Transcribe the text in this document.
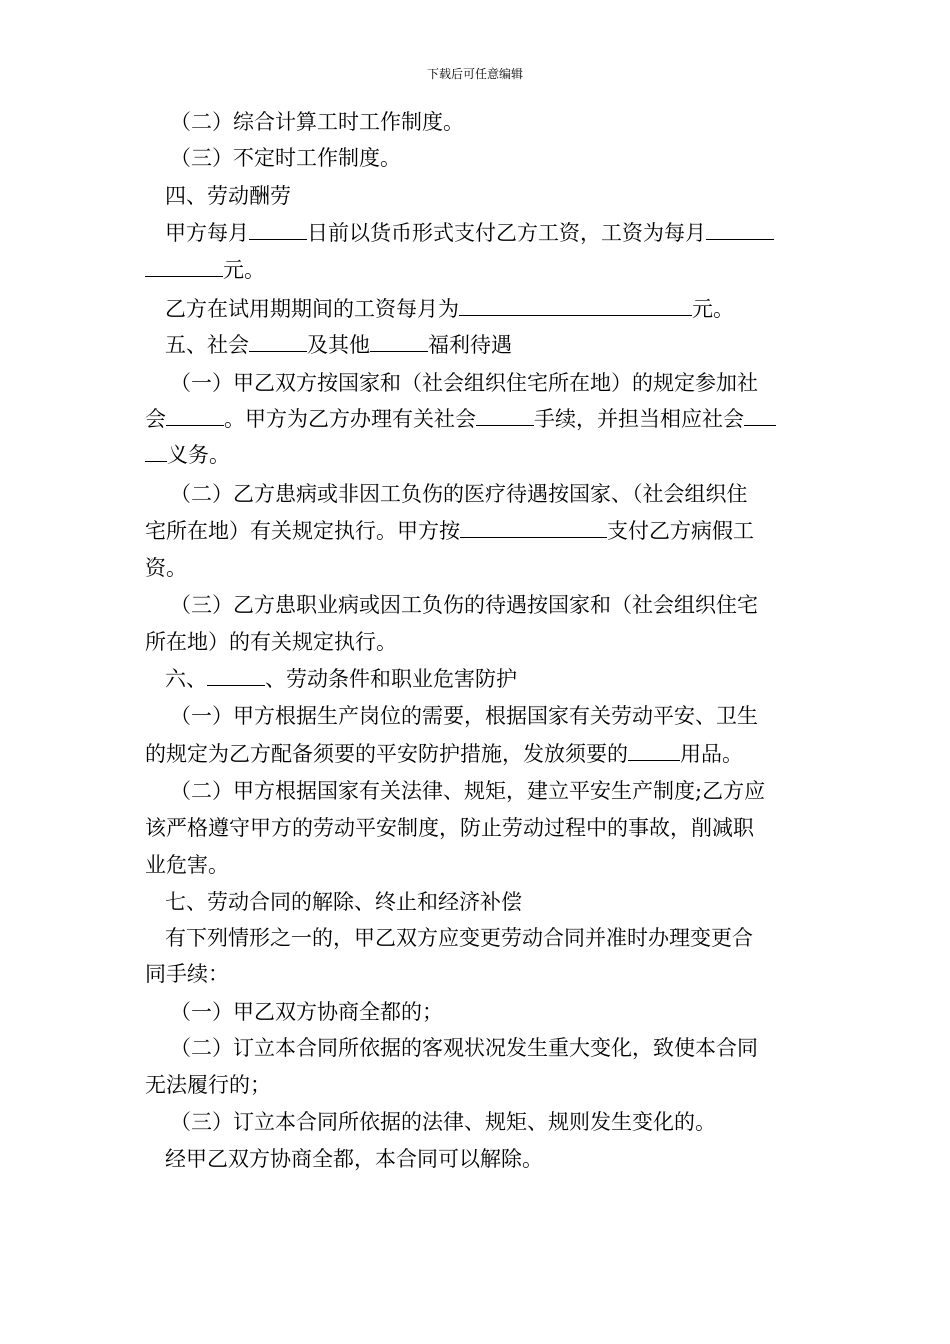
下载后可任意编辑
（二）综合计算工时工作制度。
（三）不定时工作制度。
四、劳动酬劳
甲方每月	日前以货币形式支付乙方工资，工资为每月
元。
乙方在试用期期间的工资每月为	元。
五、社会	及其他	福利待遇
（一）甲乙双方按国家和（社会组织住宅所在地）的规定参加社
会	。甲方为乙方办理有关社会	手续，并担当相应社会
义务。
（二）乙方患病或非因工负伤的医疗待遇按国家、（社会组织住
宅所在地）有关规定执行。甲方按	支付乙方病假工
资。
（三）乙方患职业病或因工负伤的待遇按国家和（社会组织住宅
所在地）的有关规定执行。
六、	、劳动条件和职业危害防护
（一）甲方根据生产岗位的需要，根据国家有关劳动平安、卫生
的规定为乙方配备须要的平安防护措施，发放须要的 用品。
（二）甲方根据国家有关法律、规矩，建立平安生产制度;乙方应
该严格遵守甲方的劳动平安制度，防止劳动过程中的事故，削减职
业危害。
七、劳动合同的解除、终止和经济补偿
有下列情形之一的，甲乙双方应变更劳动合同并准时办理变更合
同手续：
（一）甲乙双方协商全都的；
（二）订立本合同所依据的客观状况发生重大变化，致使本合同
无法履行的；
（三）订立本合同所依据的法律、规矩、规则发生变化的。
经甲乙双方协商全都，本合同可以解除。
